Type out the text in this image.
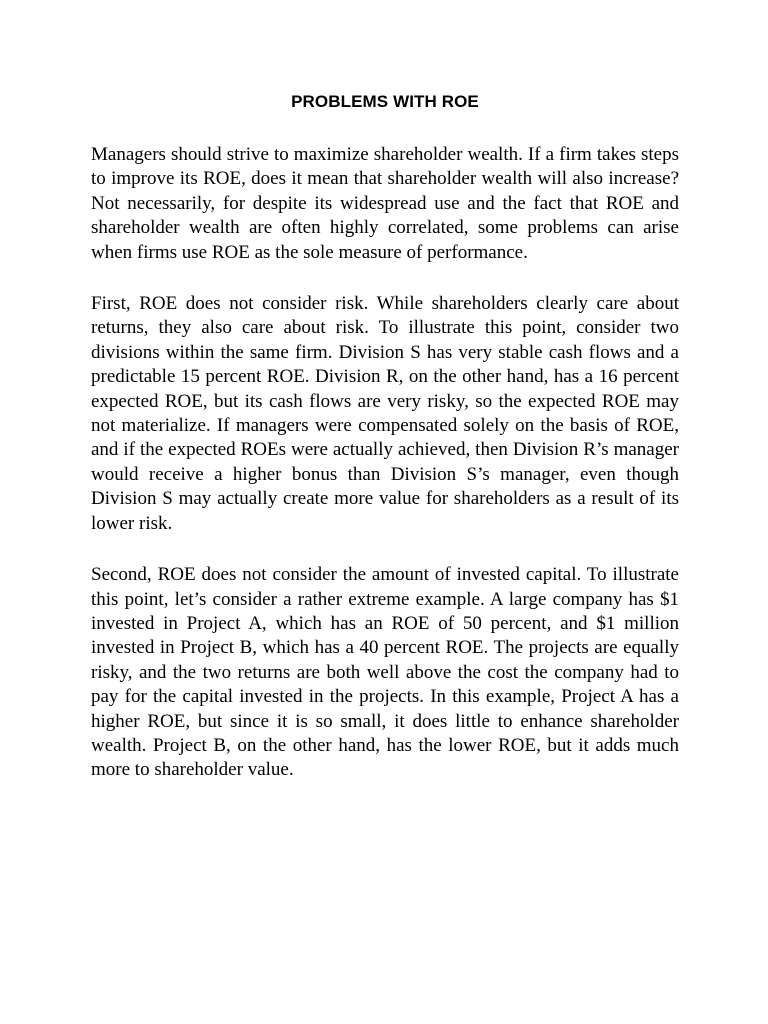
PROBLEMS WITH ROE

Managers should strive to maximize shareholder wealth. If a firm takes steps to improve its ROE, does it mean that shareholder wealth will also increase? Not necessarily, for despite its widespread use and the fact that ROE and shareholder wealth are often highly correlated, some problems can arise when firms use ROE as the sole measure of performance.

First, ROE does not consider risk. While shareholders clearly care about returns, they also care about risk. To illustrate this point, consider two divisions within the same firm. Division S has very stable cash flows and a predictable 15 percent ROE. Division R, on the other hand, has a 16 percent expected ROE, but its cash flows are very risky, so the expected ROE may not materialize. If managers were compensated solely on the basis of ROE, and if the expected ROEs were actually achieved, then Division R’s manager would receive a higher bonus than Division S’s manager, even though Division S may actually create more value for shareholders as a result of its lower risk.

Second, ROE does not consider the amount of invested capital. To illustrate this point, let’s consider a rather extreme example. A large company has $1 invested in Project A, which has an ROE of 50 percent, and $1 million invested in Project B, which has a 40 percent ROE. The projects are equally risky, and the two returns are both well above the cost the company had to pay for the capital invested in the projects. In this example, Project A has a higher ROE, but since it is so small, it does little to enhance shareholder wealth. Project B, on the other hand, has the lower ROE, but it adds much more to shareholder value.
